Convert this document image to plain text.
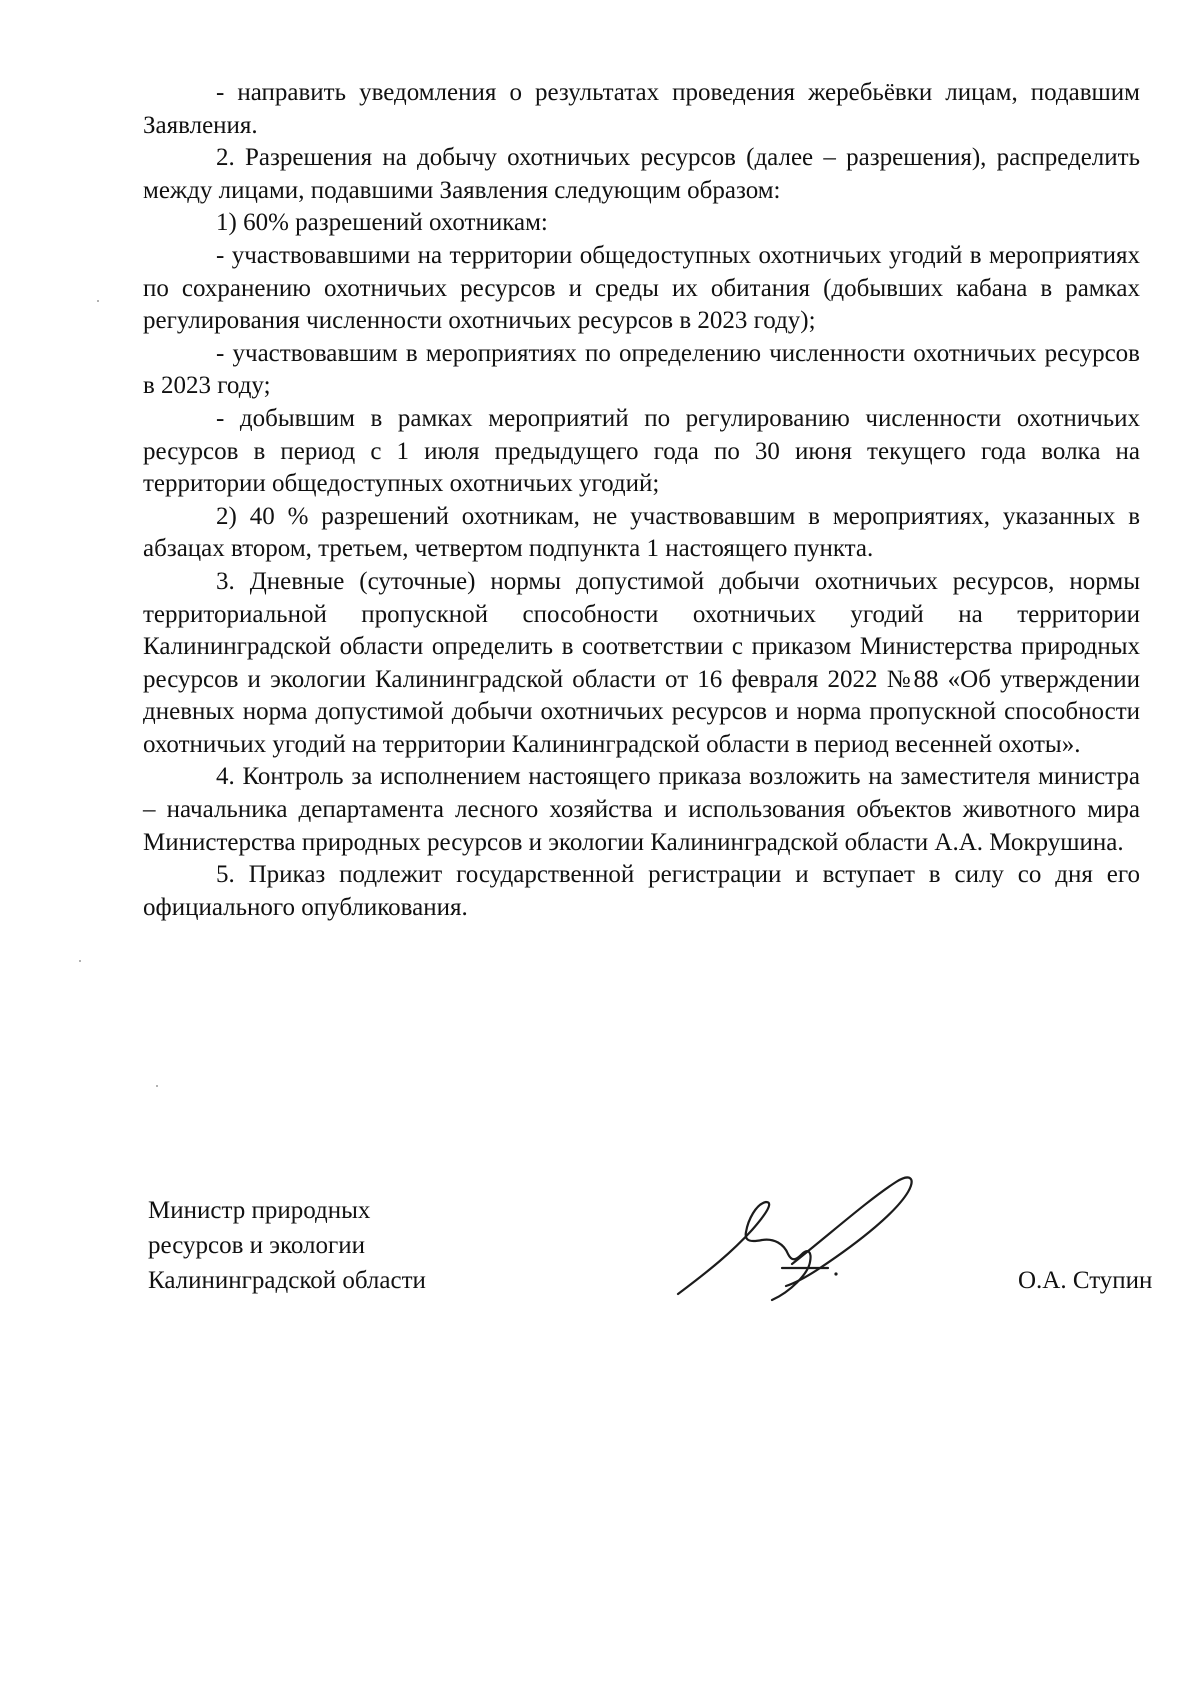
- направить уведомления о результатах проведения жеребьёвки лицам, подавшим Заявления.

2. Разрешения на добычу охотничьих ресурсов (далее – разрешения), распределить между лицами, подавшими Заявления следующим образом:

1) 60% разрешений охотникам:

- участвовавшими на территории общедоступных охотничьих угодий в мероприятиях по сохранению охотничьих ресурсов и среды их обитания (добывших кабана в рамках регулирования численности охотничьих ресурсов в 2023 году);

- участвовавшим в мероприятиях по определению численности охотничьих ресурсов в 2023 году;

- добывшим в рамках мероприятий по регулированию численности охотничьих ресурсов в период с 1 июля предыдущего года по 30 июня текущего года волка на территории общедоступных охотничьих угодий;

2) 40 % разрешений охотникам, не участвовавшим в мероприятиях, указанных в абзацах втором, третьем, четвертом подпункта 1 настоящего пункта.

3. Дневные (суточные) нормы допустимой добычи охотничьих ресурсов, нормы территориальной пропускной способности охотничьих угодий на территории Калининградской области определить в соответствии с приказом Министерства природных ресурсов и экологии Калининградской области от 16 февраля 2022 №88 «Об утверждении дневных норма допустимой добычи охотничьих ресурсов и норма пропускной способности охотничьих угодий на территории Калининградской области в период весенней охоты».

4. Контроль за исполнением настоящего приказа возложить на заместителя министра – начальника департамента лесного хозяйства и использования объектов животного мира Министерства природных ресурсов и экологии Калининградской области А.А. Мокрушина.

5. Приказ подлежит государственной регистрации и вступает в силу со дня его официального опубликования.

Министр природных
ресурсов и экологии
Калининградской области	О.А. Ступин
